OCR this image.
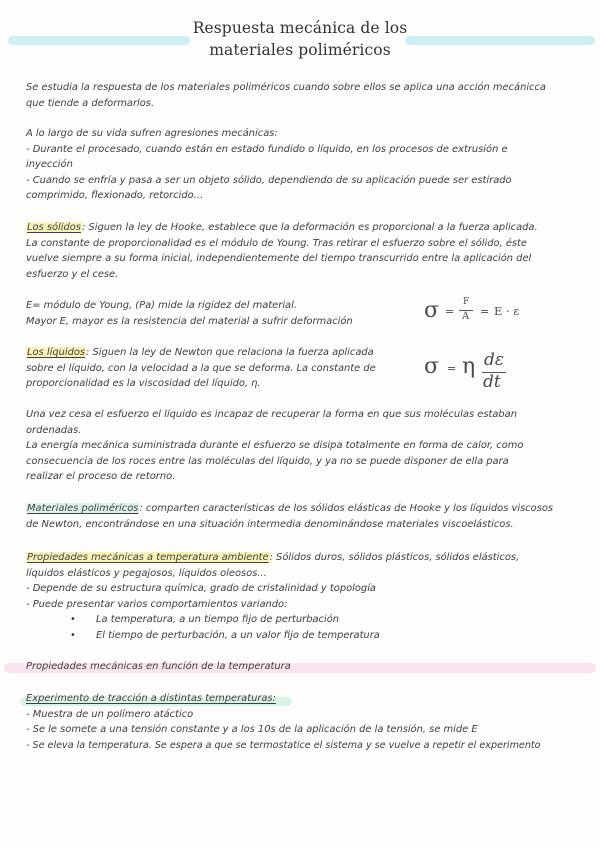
Respuesta mecánica de los
materiales poliméricos

Se estudia la respuesta de los materiales poliméricos cuando sobre ellos se aplica una acción mecánicca

que tiende a deformarlos.

A lo largo de su vida sufren agresiones mecánicas:

- Durante el procesado, cuando están en estado fundido o líquido, en los procesos de extrusión e

inyección

- Cuando se enfría y pasa a ser un objeto sólido, dependiendo de su aplicación puede ser estirado

comprimido, flexionado, retorcido...

Los sólidos: Siguen la ley de Hooke, establece que la deformación es proporcional a la fuerza aplicada.

La constante de proporcionalidad es el módulo de Young. Tras retirar el esfuerzo sobre el sólido, éste

vuelve siempre a su forma inicial, independientemente del tiempo transcurrido entre la aplicación del

esfuerzo y el cese.

E= módulo de Young, (Pa) mide la rigidez del material.

Mayor E, mayor es la resistencia del material a sufrir deformación	σ =
F
A = E · ε

Los líquidos: Siguen la ley de Newton que relaciona la fuerza aplicada

sobre el líquido, con la velocidad a la que se deforma. La constante de

proporcionalidad es la viscosidad del líquido, η.

σ = η dε
dt

Una vez cesa el esfuerzo el líquido es incapaz de recuperar la forma en que sus moléculas estaban

ordenadas.

La energía mecánica suministrada durante el esfuerzo se disipa totalmente en forma de calor, como

consecuencia de los roces entre las moléculas del líquido, y ya no se puede disponer de ella para

realizar el proceso de retorno.

Materiales poliméricos: comparten características de los sólidos elásticas de Hooke y los líquidos viscosos

de Newton, encontrándose en una situación intermedia denominándose materiales viscoelásticos.

Propiedades mecánicas a temperatura ambiente: Sólidos duros, sólidos plásticos, sólidos elásticos,

líquidos elásticos y pegajosos, líquidos oleosos...

- Depende de su estructura química, grado de cristalinidad y topología

- Puede presentar varios comportamientos variando:

• La temperatura, a un tiempo fijo de perturbación

• El tiempo de perturbación, a un valor fijo de temperatura

Propiedades mecánicas en función de la temperatura

Experimento de tracción a distintas temperaturas:

- Muestra de un polímero atáctico

- Se le somete a una tensión constante y a los 10s de la aplicación de la tensión, se mide E

- Se eleva la temperatura. Se espera a que se termostatice el sistema y se vuelve a repetir el experimento
